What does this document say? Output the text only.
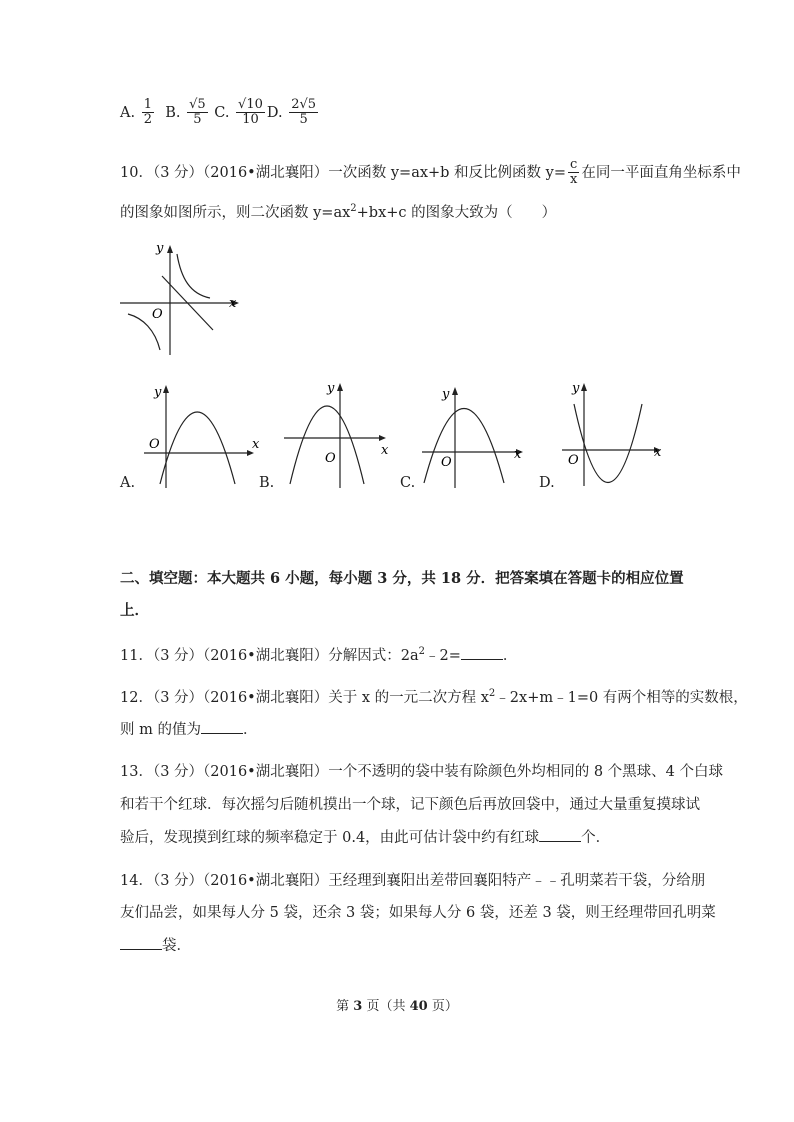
A. $\frac{1}{2} B$. $\frac{√5}{5} C$. $\frac{√10}{10} D$. $\frac{2√5}{5}$
10．（3 分）（2016•湖北襄阳）一次函数 y=ax+b 和反比例函数 $y= \frac{c}{x}$ 在同一平面直角坐标系中
的图象如图所示，则二次函数 $y=ax^2+bx+c$ 的图象大致为（　　）
x
y
O
x
y
O
A.
x
y
O
B.
x
y
O
C.
x
y
O
D.
二、填空题：本大题共 6 小题，每小题 3 分，共 18 分．把答案填在答题卡的相应位置
上．
11．（3 分）（2016•湖北襄阳）分解因式：$2a^2﹣2=$	．
12．（3 分）（2016•湖北襄阳）关于 x 的一元二次方程 $x^2﹣2x+m﹣1=0$ 有两个相等的实数根，
则 m 的值为	．
13．（3 分）（2016•湖北襄阳）一个不透明的袋中装有除颜色外均相同的 8 个黑球、4 个白球
和若干个红球．每次摇匀后随机摸出一个球，记下颜色后再放回袋中，通过大量重复摸球试
验后，发现摸到红球的频率稳定于 0.4，由此可估计袋中约有红球	个．
14．（3 分）（2016•湖北襄阳）王经理到襄阳出差带回襄阳特产﹣﹣孔明菜若干袋，分给朋
友们品尝，如果每人分 5 袋，还余 3 袋；如果每人分 6 袋，还差 3 袋，则王经理带回孔明菜
袋．
第 3 页（共 40 页）
